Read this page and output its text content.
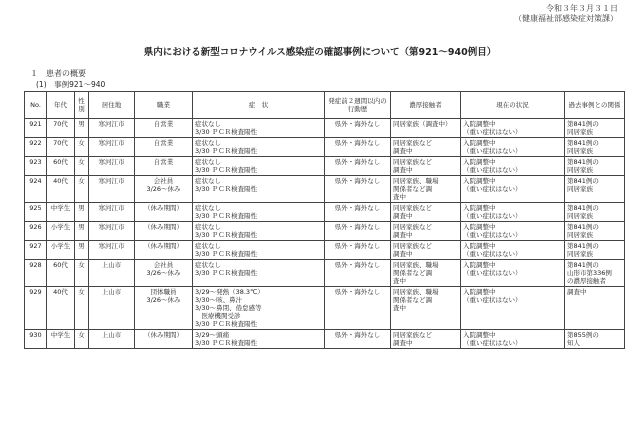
令和３年３月３１日
（健康福祉部感染症対策課）
県内における新型コロナウイルス感染症の確認事例について（第921～940例目）
１　患者の概要
(1)　事例921～940
No.	年代	性別	居住地	職業	症　状	発症前２週間以内の行動歴	濃厚接触者	現在の状況	過去事例との関係
921	70代	男	寒河江市	自営業	症状なし
3/30 ＰＣＲ検査陽性	県外・海外なし	同居家族（調査中）	入院調整中
（重い症状はない）	第841例の
同居家族

922	70代	女	寒河江市	自営業	症状なし
3/30 ＰＣＲ検査陽性	県外・海外なし	同居家族など
調査中	入院調整中
（重い症状はない）	第841例の
同居家族

923	60代	女	寒河江市	自営業	症状なし
3/30 ＰＣＲ検査陽性	県外・海外なし	同居家族など
調査中	入院調整中
（重い症状はない）	第841例の
同居家族

924	40代	女	寒河江市	会社員
3/26～休み	症状なし
3/30 ＰＣＲ検査陽性	県外・海外なし	同居家族、職場
関係者など調
査中	入院調整中
（重い症状はない）	第841例の
同居家族

925	中学生	男	寒河江市	（休み期間）	症状なし
3/30 ＰＣＲ検査陽性	県外・海外なし	同居家族など
調査中	入院調整中
（重い症状はない）	第841例の
同居家族

926	小学生	男	寒河江市	（休み期間）	症状なし
3/30 ＰＣＲ検査陽性	県外・海外なし	同居家族など
調査中	入院調整中
（重い症状はない）	第841例の
同居家族

927	小学生	男	寒河江市	（休み期間）	症状なし
3/30 ＰＣＲ検査陽性	県外・海外なし	同居家族など
調査中	入院調整中
（重い症状はない）	第841例の
同居家族

928	60代	女	上山市	会社員
3/26～休み	症状なし
3/30 ＰＣＲ検査陽性	県外・海外なし	同居家族、職場
関係者など調
査中	入院調整中
（重い症状はない）	第841例の
山形市第336例
の濃厚接触者

929	40代	女	上山市	団体職員
3/26～休み	3/29～発熱（38.3℃）
3/30～咳、鼻汁
3/30～鼻閉、倦怠感等
　医療機関受診
3/30 ＰＣＲ検査陽性	県外・海外なし	同居家族、職場
関係者など調
査中	入院調整中
（重い症状はない）	調査中

930	中学生	女	上山市	（休み期間）	3/29～頭痛
3/30 ＰＣＲ検査陽性	県外・海外なし	同居家族など
調査中	入院調整中
（重い症状はない）	第855例の
知人
